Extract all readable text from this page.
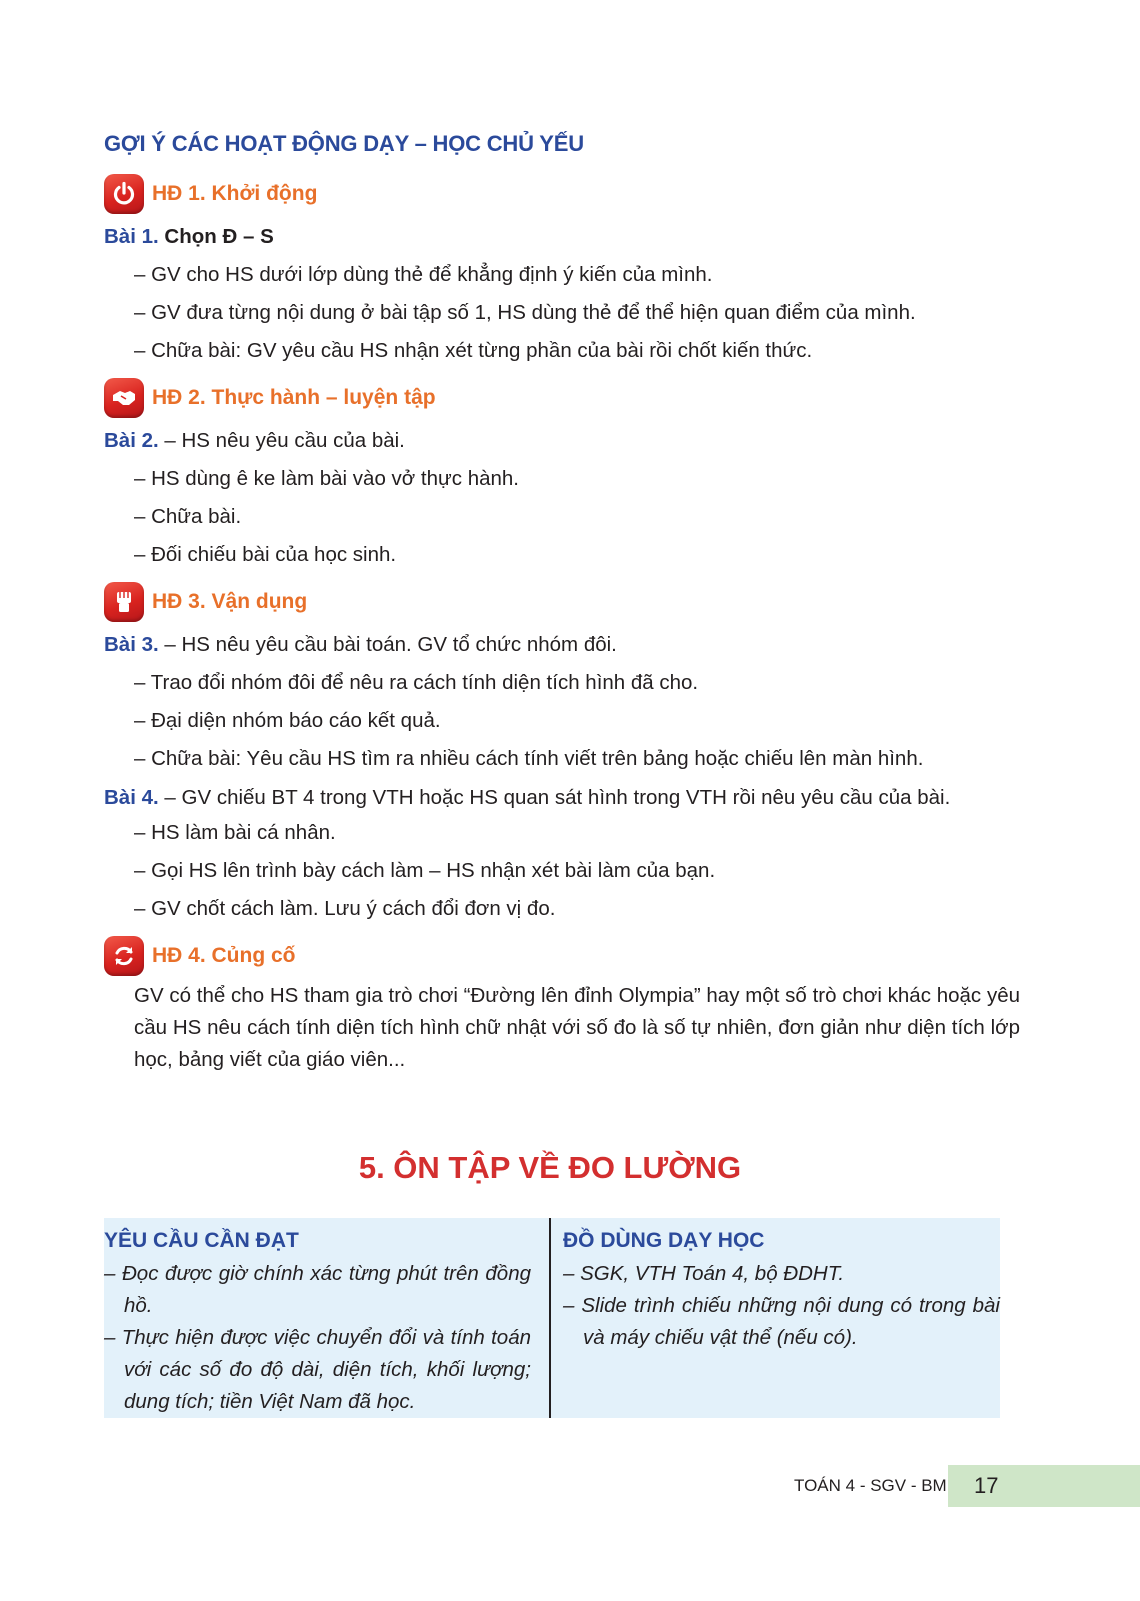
GỢI Ý CÁC HOẠT ĐỘNG DẠY – HỌC CHỦ YẾU
HĐ 1. Khởi động
Bài 1. Chọn Đ – S
– GV cho HS dưới lớp dùng thẻ để khẳng định ý kiến của mình.
– GV đưa từng nội dung ở bài tập số 1, HS dùng thẻ để thể hiện quan điểm của mình.
– Chữa bài: GV yêu cầu HS nhận xét từng phần của bài rồi chốt kiến thức.
HĐ 2. Thực hành – luyện tập
Bài 2. – HS nêu yêu cầu của bài.
– HS dùng ê ke làm bài vào vở thực hành.
– Chữa bài.
– Đối chiếu bài của học sinh.
HĐ 3. Vận dụng
Bài 3. – HS nêu yêu cầu bài toán. GV tổ chức nhóm đôi.
– Trao đổi nhóm đôi để nêu ra cách tính diện tích hình đã cho.
– Đại diện nhóm báo cáo kết quả.
– Chữa bài: Yêu cầu HS tìm ra nhiều cách tính viết trên bảng hoặc chiếu lên màn hình.
Bài 4. – GV chiếu BT 4 trong VTH hoặc HS quan sát hình trong VTH rồi nêu yêu cầu của bài.
– HS làm bài cá nhân.
– Gọi HS lên trình bày cách làm – HS nhận xét bài làm của bạn.
– GV chốt cách làm. Lưu ý cách đổi đơn vị đo.
HĐ 4. Củng cố
GV có thể cho HS tham gia trò chơi “Đường lên đỉnh Olympia” hay một số trò chơi khác hoặc yêu cầu HS nêu cách tính diện tích hình chữ nhật với số đo là số tự nhiên, đơn giản như diện tích lớp học, bảng viết của giáo viên...
5. ÔN TẬP VỀ ĐO LƯỜNG
YÊU CẦU CẦN ĐẠT
– Đọc được giờ chính xác từng phút trên đồng hồ.
– Thực hiện được việc chuyển đổi và tính toán với các số đo độ dài, diện tích, khối lượng; dung tích; tiền Việt Nam đã học.
ĐỒ DÙNG DẠY HỌC
– SGK, VTH Toán 4, bộ ĐDHT.
– Slide trình chiếu những nội dung có trong bài và máy chiếu vật thể (nếu có).
TOÁN 4 - SGV - BM 17
